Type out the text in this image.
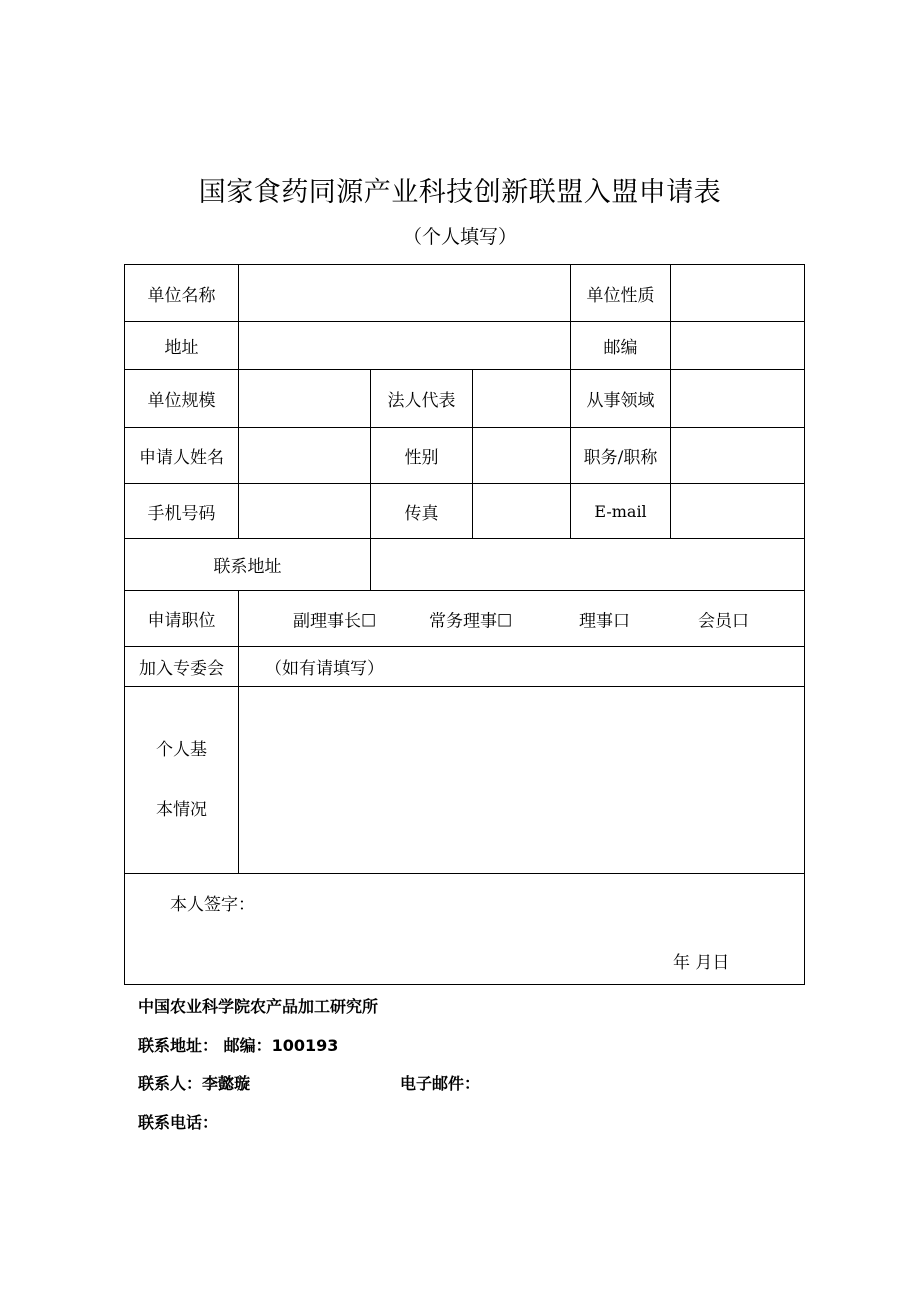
国家食药同源产业科技创新联盟入盟申请表
（个人填写）
单位名称				单位性质	
地址				邮编	
单位规模		法人代表		从事领域	
申请人姓名		性别		职务/职称	
手机号码		传真		E-mail	
联系地址					
申请职位	副理事长☐ 常务理事☐ 理事口 会员口				

加入专委会	（如有请填写）				

个人基
本情况					

本人签字：
年 月日					
中国农业科学院农产品加工研究所
联系地址： 邮编：100193
联系人：李懿璇	电子邮件：
联系电话：
